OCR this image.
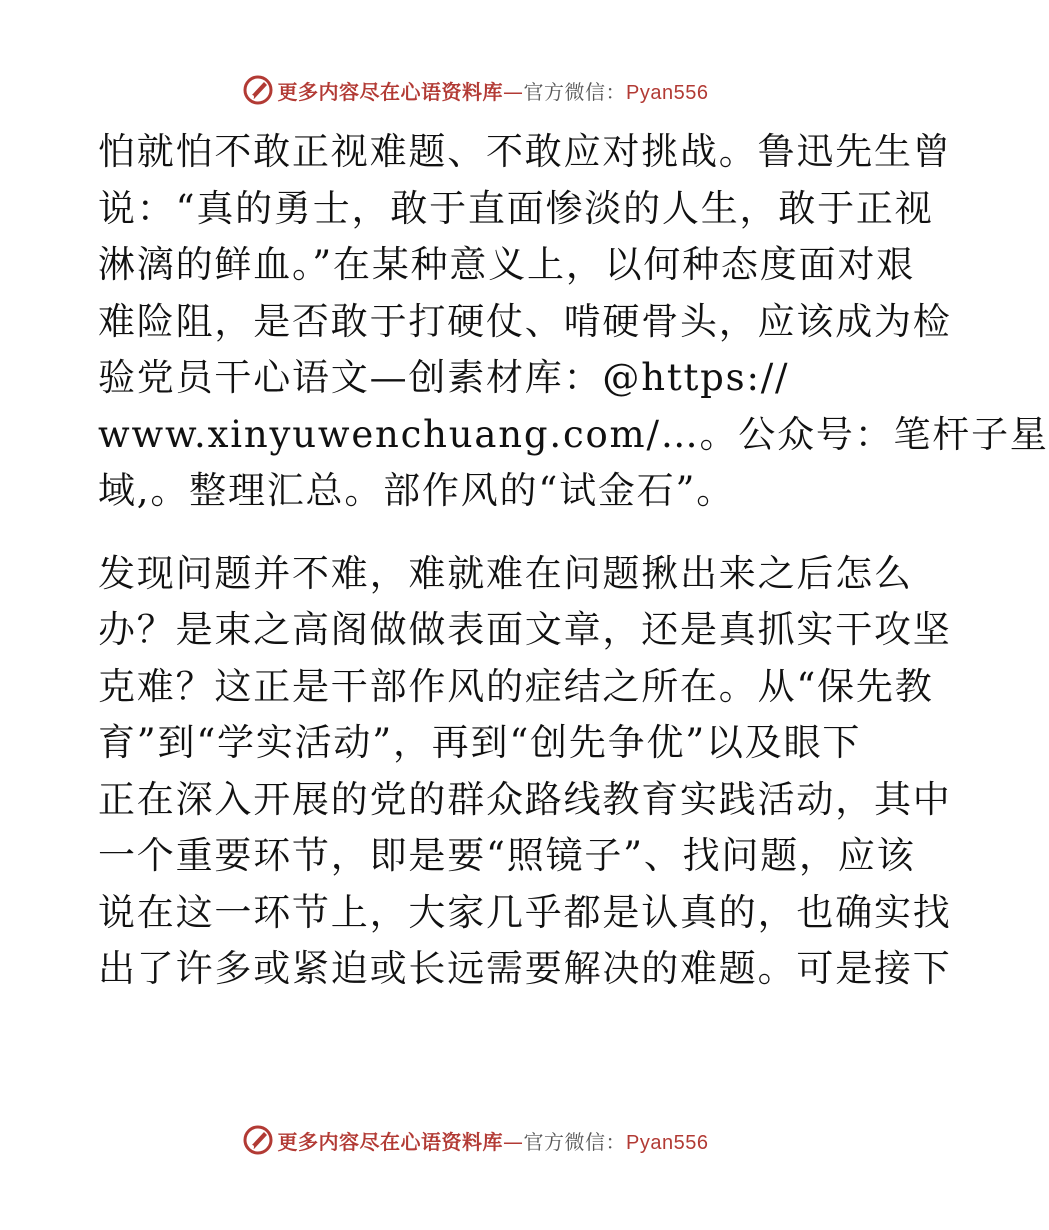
更多内容尽在心语资料库—官方微信：Pyan556
怕就怕不敢正视难题、不敢应对挑战。鲁迅先生曾
说：“真的勇士，敢于直面惨淡的人生，敢于正视
淋漓的鲜血。”在某种意义上，以何种态度面对艰
难险阻，是否敢于打硬仗、啃硬骨头，应该成为检
验党员干心语文—创素材库：@https://
www.xinyuwenchuang.com/…。公众号：笔杆子星
域,。整理汇总。部作风的“试金石”。
发现问题并不难，难就难在问题揪出来之后怎么
办？是束之高阁做做表面文章，还是真抓实干攻坚
克难？这正是干部作风的症结之所在。从“保先教
育”到“学实活动”，再到“创先争优”以及眼下
正在深入开展的党的群众路线教育实践活动，其中
一个重要环节，即是要“照镜子”、找问题，应该
说在这一环节上，大家几乎都是认真的，也确实找
出了许多或紧迫或长远需要解决的难题。可是接下
更多内容尽在心语资料库—官方微信：Pyan556
